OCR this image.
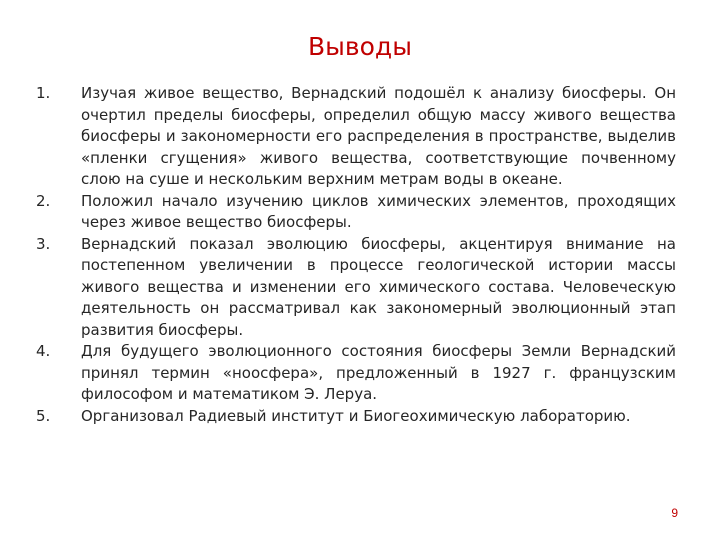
Выводы
1.	Изучая живое вещество, Вернадский подошёл к анализу биосферы. Он очертил пределы биосферы, определил общую массу живого вещества биосферы и закономерности его распределения в пространстве, выделив «пленки сгущения» живого вещества, соответствующие почвенному слою на суше и нескольким верхним метрам воды в океане.
2.	Положил начало изучению циклов химических элементов, проходящих через живое вещество биосферы.
3.	Вернадский показал эволюцию биосферы, акцентируя внимание на постепенном увеличении в процессе геологической истории массы живого вещества и изменении его химического состава. Человеческую деятельность он рассматривал как закономерный эволюционный этап развития биосферы.
4.	Для будущего эволюционного состояния биосферы Земли Вернадский принял термин «ноосфера», предложенный в 1927 г. французским философом и математиком Э. Леруа.
5.	Организовал Радиевый институт и Биогеохимическую лабораторию.
9
